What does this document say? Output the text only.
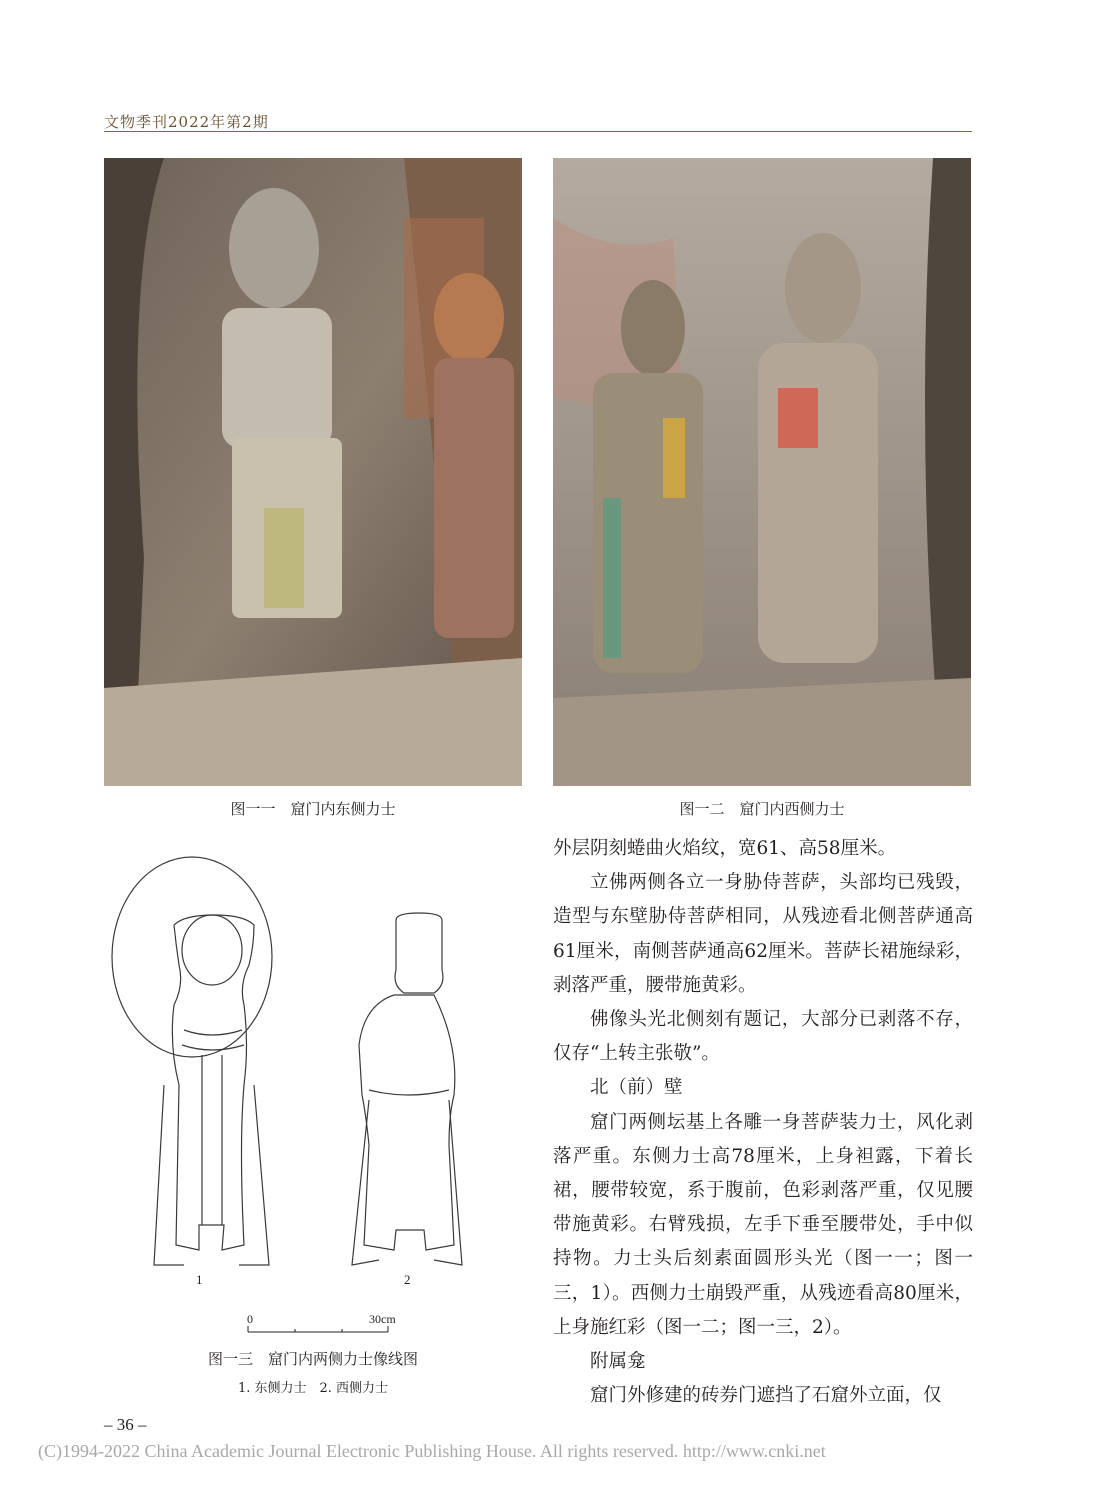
文物季刊2022年第2期
图一一　窟门内东侧力士	图一二　窟门内西侧力士
1	2
0	30cm
图一三　窟门内两侧力士像线图
1. 东侧力士　2. 西侧力士

外层阴刻蜷曲火焰纹，宽61、高58厘米。

立佛两侧各立一身胁侍菩萨，头部均已残毁，造型与东壁胁侍菩萨相同，从残迹看北侧菩萨通高61厘米，南侧菩萨通高62厘米。菩萨长裙施绿彩，剥落严重，腰带施黄彩。

佛像头光北侧刻有题记，大部分已剥落不存，仅存“上转主张敬”。

北（前）壁

窟门两侧坛基上各雕一身菩萨装力士，风化剥落严重。东侧力士高78厘米，上身袒露，下着长裙，腰带较宽，系于腹前，色彩剥落严重，仅见腰带施黄彩。右臂残损，左手下垂至腰带处，手中似持物。力士头后刻素面圆形头光（图一一；图一三，1）。西侧力士崩毁严重，从残迹看高80厘米，上身施红彩（图一二；图一三，2）。

附属龛

窟门外修建的砖券门遮挡了石窟外立面，仅

– 36 –
(C)1994-2022 China Academic Journal Electronic Publishing House. All rights reserved. http://www.cnki.net
